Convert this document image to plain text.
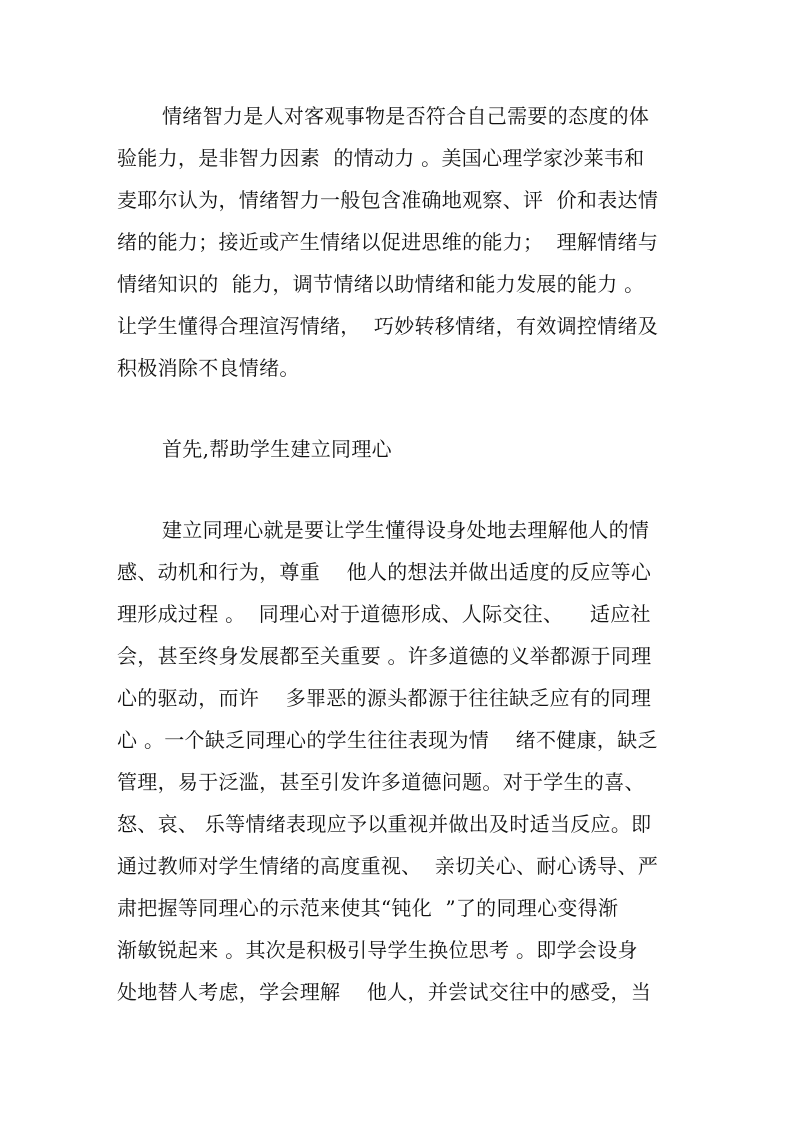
情绪智力是人对客观事物是否符合自己需要的态度的体
验能力，是非智力因素  的情动力 。美国心理学家沙莱韦和
麦耶尔认为，情绪智力一般包含准确地观察、评  价和表达情
绪的能力；接近或产生情绪以促进思维的能力；  理解情绪与
情绪知识的  能力，调节情绪以助情绪和能力发展的能力 。
让学生懂得合理渲泻情绪，  巧妙转移情绪，有效调控情绪及
积极消除不良情绪。
首先,帮助学生建立同理心
建立同理心就是要让学生懂得设身处地去理解他人的情
感、动机和行为，尊重    他人的想法并做出适度的反应等心
理形成过程 。  同理心对于道德形成、人际交往、    适应社
会，甚至终身发展都至关重要 。许多道德的义举都源于同理
心的驱动，而许    多罪恶的源头都源于往往缺乏应有的同理
心 。一个缺乏同理心的学生往往表现为情    绪不健康，缺乏
管理，易于泛滥，甚至引发许多道德问题。对于学生的喜、
怒、哀、 乐等情绪表现应予以重视并做出及时适当反应。即
通过教师对学生情绪的高度重视、  亲切关心、耐心诱导、严
肃把握等同理心的示范来使其“钝化  ”了的同理心变得渐
渐敏锐起来 。其次是积极引导学生换位思考 。即学会设身
处地替人考虑，学会理解    他人，并尝试交往中的感受，当
